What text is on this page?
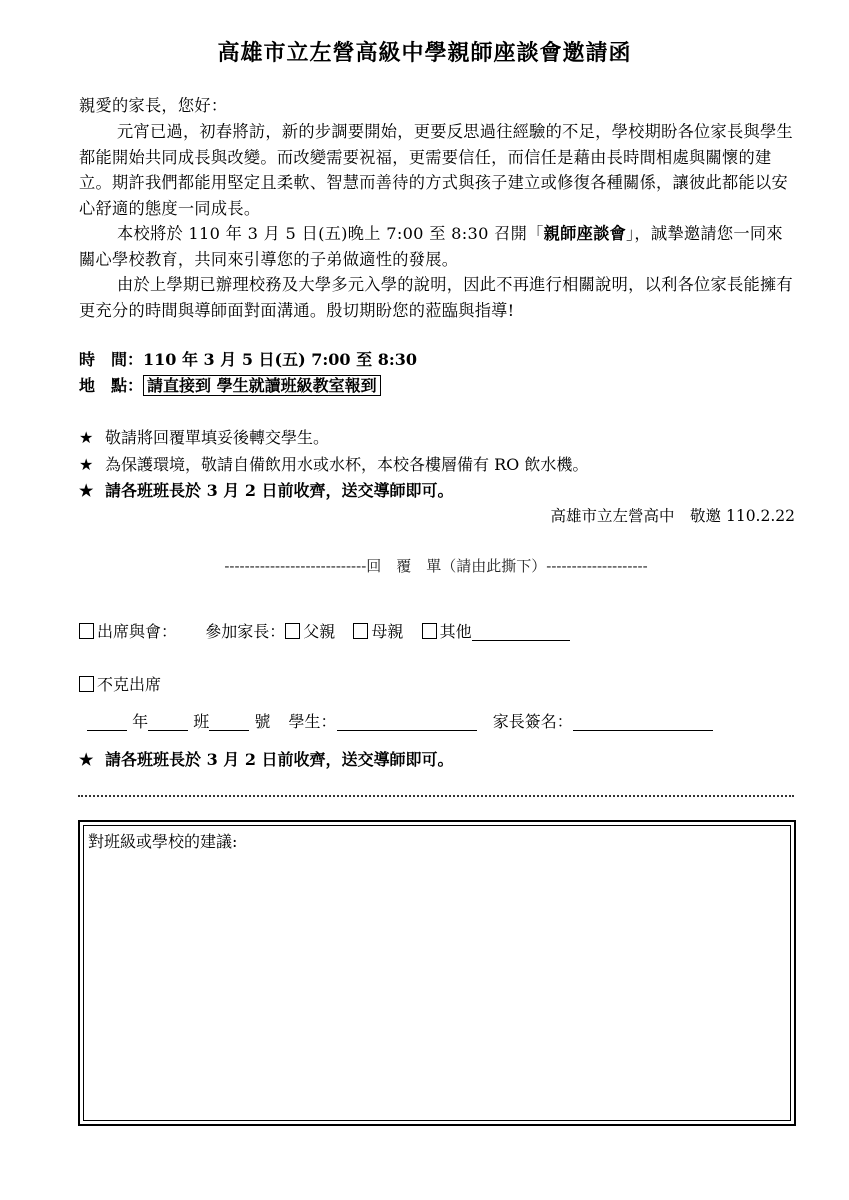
高雄市立左營高級中學親師座談會邀請函
親愛的家長，您好：
元宵已過，初春將訪，新的步調要開始，更要反思過往經驗的不足，學校期盼各位家長與學生都能開始共同成長與改變。而改變需要祝福，更需要信任，而信任是藉由長時間相處與關懷的建立。期許我們都能用堅定且柔軟、智慧而善待的方式與孩子建立或修復各種關係，讓彼此都能以安心舒適的態度一同成長。
本校將於 110 年 3 月 5 日(五)晚上 7:00 至 8:30 召開「親師座談會」，誠摯邀請您一同來關心學校教育，共同來引導您的子弟做適性的發展。
由於上學期已辦理校務及大學多元入學的說明，因此不再進行相關說明，以利各位家長能擁有更充分的時間與導師面對面溝通。殷切期盼您的蒞臨與指導!
時　間：110 年 3 月 5 日(五) 7:00 至 8:30
地　點： 請直接到 學生就讀班級教室報到
★ 敬請將回覆單填妥後轉交學生。
★ 為保護環境，敬請自備飲用水或水杯，本校各樓層備有 RO 飲水機。
★ 請各班班長於 3 月 2 日前收齊，送交導師即可。
高雄市立左營高中　敬邀 110.2.22
----------------------------回　覆　單（請由此撕下）--------------------
出席與會： 參加家長： 父親 母親 其他
不克出席
年	班	號 學生：	家長簽名：
★ 請各班班長於 3 月 2 日前收齊，送交導師即可。
對班級或學校的建議:
